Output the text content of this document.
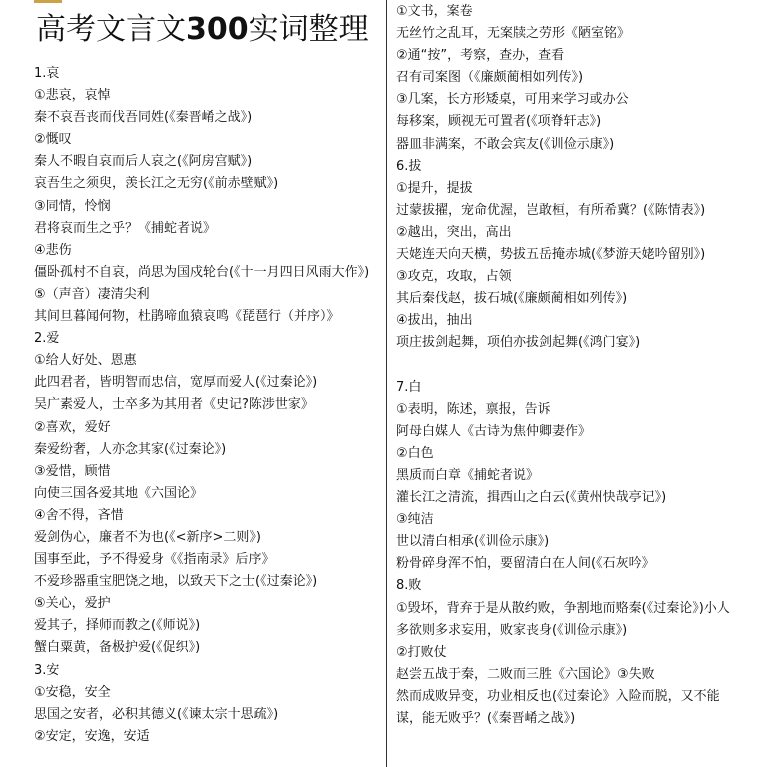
高考文言文300实词整理

1.哀

①悲哀，哀悼

秦不哀吾丧而伐吾同姓(《秦晋崤之战》)

②慨叹

秦人不暇自哀而后人哀之(《阿房宫赋》)

哀吾生之须臾，羡长江之无穷(《前赤壁赋》)

③同情，怜悯

君将哀而生之乎？《捕蛇者说》

④悲伤

僵卧孤村不自哀，尚思为国戍轮台(《十一月四日风雨大作》)

⑤（声音）凄清尖利

其间旦暮闻何物，杜鹃啼血猿哀鸣《琵琶行（并序）》

2.爱

①给人好处、恩惠

此四君者，皆明智而忠信，宽厚而爱人(《过秦论》)

吴广素爱人，士卒多为其用者《史记?陈涉世家》

②喜欢，爱好

秦爱纷奢，人亦念其家(《过秦论》)

③爱惜，顾惜

向使三国各爱其地《六国论》

④舍不得，吝惜

爱剑伪心，廉者不为也(《<新序>二则》)

国事至此，予不得爱身《《指南录》后序》

不爱珍器重宝肥饶之地，以致天下之士(《过秦论》)

⑤关心，爱护

爱其子，择师而教之(《师说》)

蟹白粟黄，备极护爱(《促织》)

3.安

①安稳，安全

思国之安者，必积其德义(《谏太宗十思疏》)

②安定，安逸，安适

①文书，案卷

无丝竹之乱耳，无案牍之劳形《陋室铭》

②通“按”，考察，查办，查看

召有司案图（《廉颇蔺相如列传》)

③几案，长方形矮桌，可用来学习或办公

每移案，顾视无可置者(《项脊轩志》)

器皿非满案，不敢会宾友(《训俭示康》)

6.拔

①提升，提拔

过蒙拔擢，宠命优渥，岂敢桓，有所希冀？(《陈情表》)

②越出，突出，高出

天姥连天向天横，势拔五岳掩赤城(《梦游天姥吟留别》)

③攻克，攻取，占领

其后秦伐赵，拔石城(《廉颇蔺相如列传》)

④拔出，抽出

项庄拔剑起舞，项伯亦拔剑起舞(《鸿门宴》)

7.白

①表明，陈述，禀报，告诉

阿母白媒人《古诗为焦仲卿妻作》

②白色

黑质而白章《捕蛇者说》

灌长江之清流，揖西山之白云(《黄州快哉亭记》)

③纯洁

世以清白相承(《训俭示康》)

粉骨碎身浑不怕，要留清白在人间(《石灰吟》

8.败

①毁坏，背弃于是从散约败，争割地而赂秦(《过秦论》)小人多欲则多求妄用，败家丧身(《训俭示康》)

②打败仗

赵尝五战于秦，二败而三胜《六国论》③失败

然而成败异变，功业相反也(《过秦论》入险而脱，又不能谋，能无败乎？(《秦晋崤之战》)
